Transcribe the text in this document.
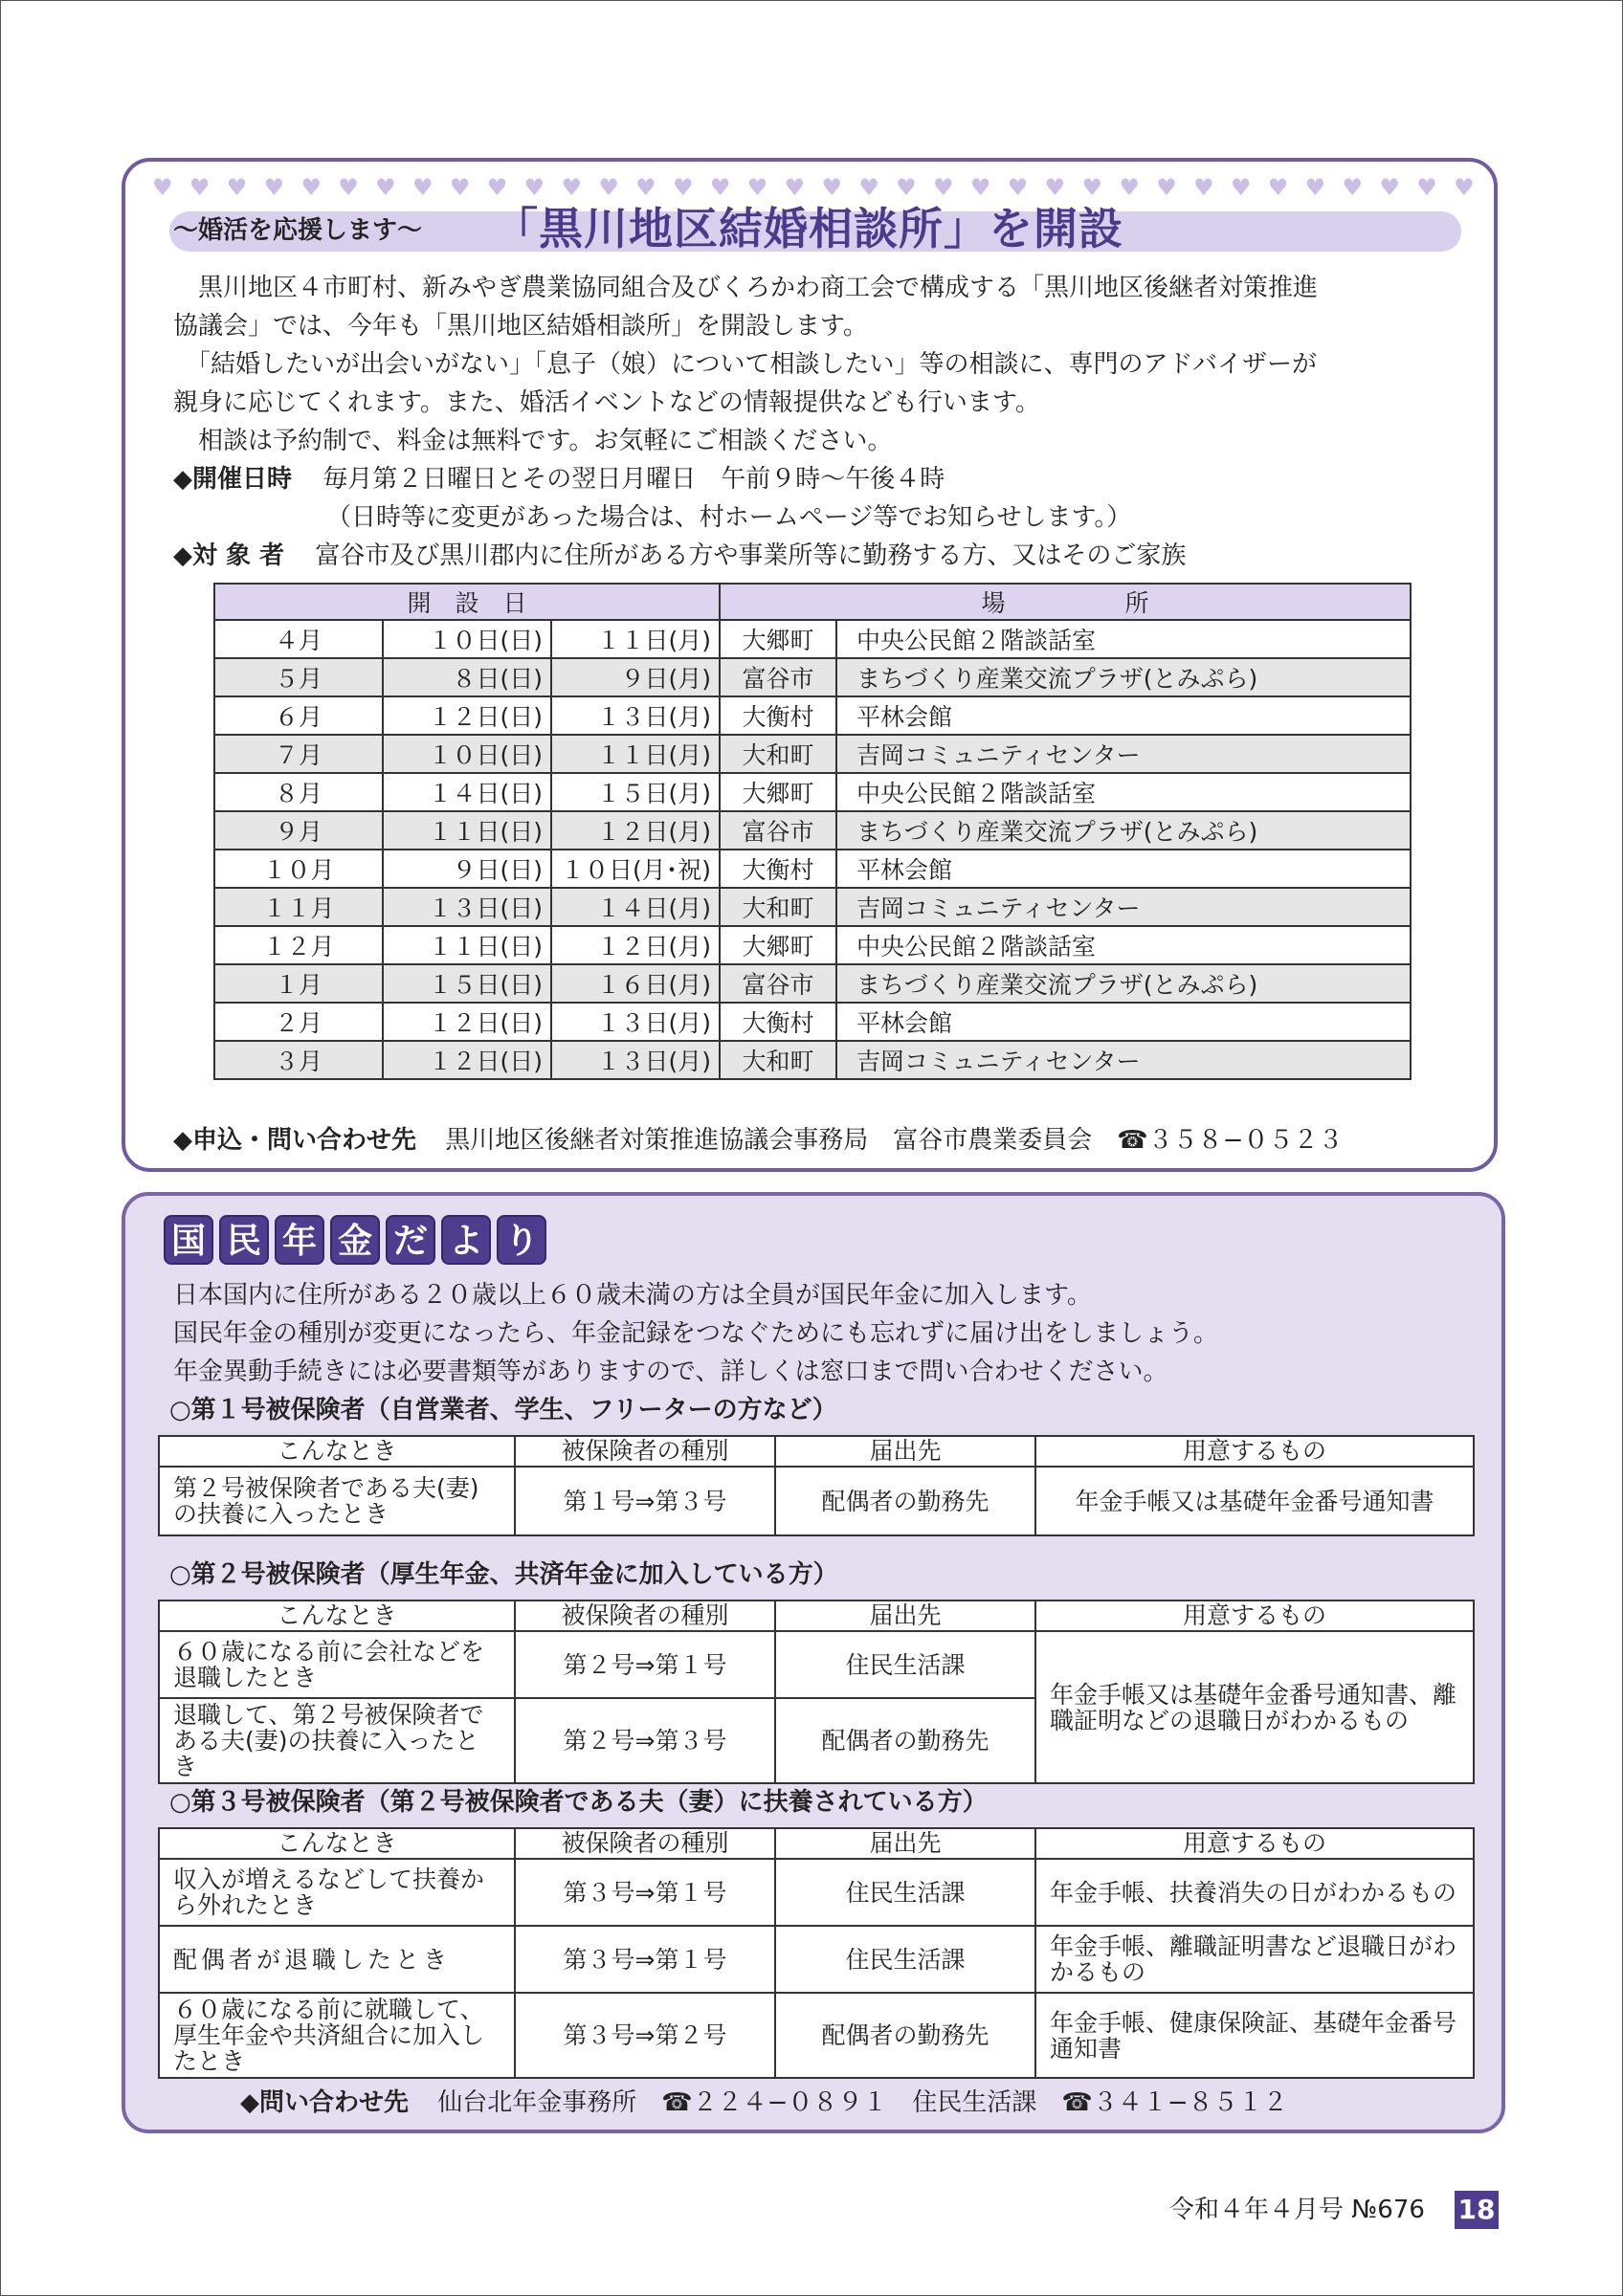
♥ ♥ ♥ ♥ ♥ ♥ ♥ ♥ ♥ ♥ ♥ ♥ ♥ ♥ ♥ ♥ ♥ ♥ ♥ ♥ ♥ ♥ ♥ ♥ ♥ ♥ ♥ ♥ ♥ ♥ ♥ ♥ ♥ ♥ ♥ ♥
〜婚活を応援します〜 「黒川地区結婚相談所」を開設
　黒川地区４市町村、新みやぎ農業協同組合及びくろかわ商工会で構成する「黒川地区後継者対策推進
協議会」では、今年も「黒川地区結婚相談所」を開設します。
　「結婚したいが出会いがない」「息子（娘）について相談したい」等の相談に、専門のアドバイザーが
親身に応じてくれます。また、婚活イベントなどの情報提供なども行います。
　相談は予約制で、料金は無料です。お気軽にご相談ください。
◆開催日時 毎月第２日曜日とその翌日月曜日　午前９時〜午後４時
（日時等に変更があった場合は、村ホームページ等でお知らせします。）
◆対 象 者 富谷市及び黒川郡内に住所がある方や事業所等に勤務する方、又はそのご家族
開　設　日			場　　　　　所	
４月	１０日(日)	１１日(月)	大郷町	中央公民館２階談話室
５月	８日(日)	９日(月)	富谷市	まちづくり産業交流プラザ(とみぷら)
６月	１２日(日)	１３日(月)	大衡村	平林会館
７月	１０日(日)	１１日(月)	大和町	吉岡コミュニティセンター
８月	１４日(日)	１５日(月)	大郷町	中央公民館２階談話室
９月	１１日(日)	１２日(月)	富谷市	まちづくり産業交流プラザ(とみぷら)
１０月	９日(日)	１０日(月･祝)	大衡村	平林会館
１１月	１３日(日)	１４日(月)	大和町	吉岡コミュニティセンター
１２月	１１日(日)	１２日(月)	大郷町	中央公民館２階談話室
１月	１５日(日)	１６日(月)	富谷市	まちづくり産業交流プラザ(とみぷら)
２月	１２日(日)	１３日(月)	大衡村	平林会館
３月	１２日(日)	１３日(月)	大和町	吉岡コミュニティセンター
◆申込・問い合わせ先 黒川地区後継者対策推進協議会事務局　富谷市農業委員会　☎３５８−０５２３
国 民 年 金 だ よ り
日本国内に住所がある２０歳以上６０歳未満の方は全員が国民年金に加入します。
国民年金の種別が変更になったら、年金記録をつなぐためにも忘れずに届け出をしましょう。
年金異動手続きには必要書類等がありますので、詳しくは窓口まで問い合わせください。
○第１号被保険者（自営業者、学生、フリーターの方など）
こんなとき	被保険者の種別	届出先	用意するもの
第２号被保険者である夫(妻)の扶養に入ったとき	第１号⇒第３号	配偶者の勤務先	年金手帳又は基礎年金番号通知書
○第２号被保険者（厚生年金、共済年金に加入している方）
こんなとき	被保険者の種別	届出先	用意するもの
６０歳になる前に会社などを退職したとき	第２号⇒第１号	住民生活課	年金手帳又は基礎年金番号通知書、離職証明などの退職日がわかるもの
退職して、第２号被保険者である夫(妻)の扶養に入ったとき	第２号⇒第３号	配偶者の勤務先	
○第３号被保険者（第２号被保険者である夫（妻）に扶養されている方）
こんなとき	被保険者の種別	届出先	用意するもの
収入が増えるなどして扶養から外れたとき	第３号⇒第１号	住民生活課	年金手帳、扶養消失の日がわかるもの
配偶者が退職したとき	第３号⇒第１号	住民生活課	年金手帳、離職証明書など退職日がわかるもの
６０歳になる前に就職して、厚生年金や共済組合に加入したとき	第３号⇒第２号	配偶者の勤務先	年金手帳、健康保険証、基礎年金番号通知書
◆問い合わせ先 仙台北年金事務所　☎２２４−０８９１　住民生活課　☎３４１−８５１２
令和４年４月号 №676 18
